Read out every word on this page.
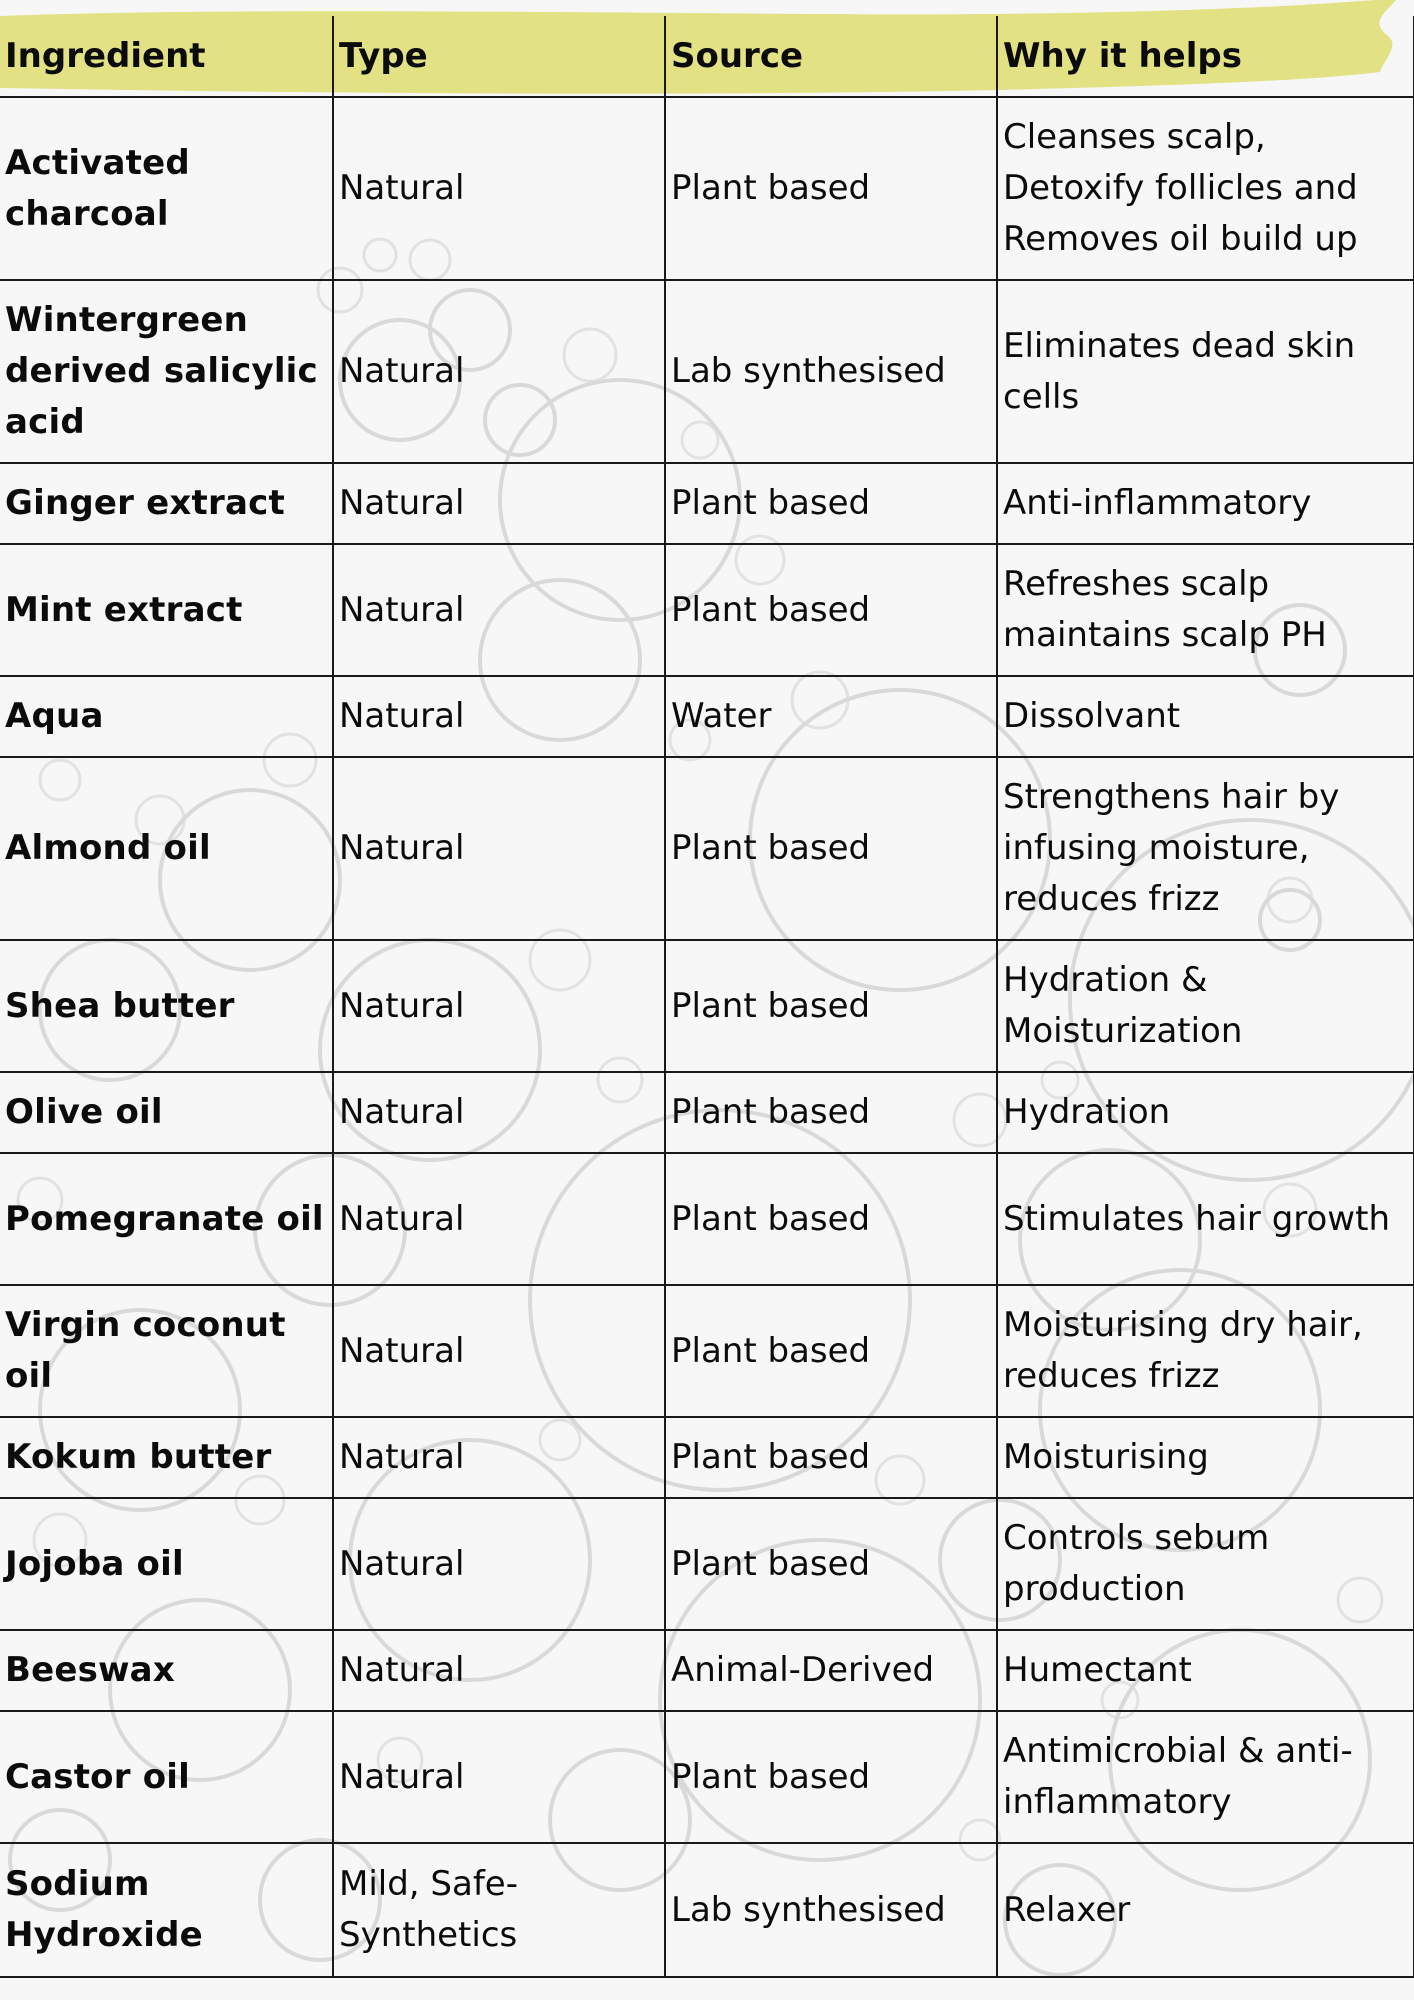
Ingredient	Type	Source	Why it helps
Activated charcoal	Natural	Plant based	Cleanses scalp, Detoxify follicles and Removes oil build up
Wintergreen derived salicylic acid	Natural	Lab synthesised	Eliminates dead skin cells
Ginger extract	Natural	Plant based	Anti-inflammatory
Mint extract	Natural	Plant based	Refreshes scalp maintains scalp PH
Aqua	Natural	Water	Dissolvant
Almond oil	Natural	Plant based	Strengthens hair by infusing moisture, reduces frizz
Shea butter	Natural	Plant based	Hydration & Moisturization
Olive oil	Natural	Plant based	Hydration
Pomegranate oil	Natural	Plant based	Stimulates hair growth
Virgin coconut oil	Natural	Plant based	Moisturising dry hair, reduces frizz
Kokum butter	Natural	Plant based	Moisturising
Jojoba oil	Natural	Plant based	Controls sebum production
Beeswax	Natural	Animal-Derived	Humectant
Castor oil	Natural	Plant based	Antimicrobial & anti-inflammatory
Sodium Hydroxide	Mild, Safe-Synthetics	Lab synthesised	Relaxer
